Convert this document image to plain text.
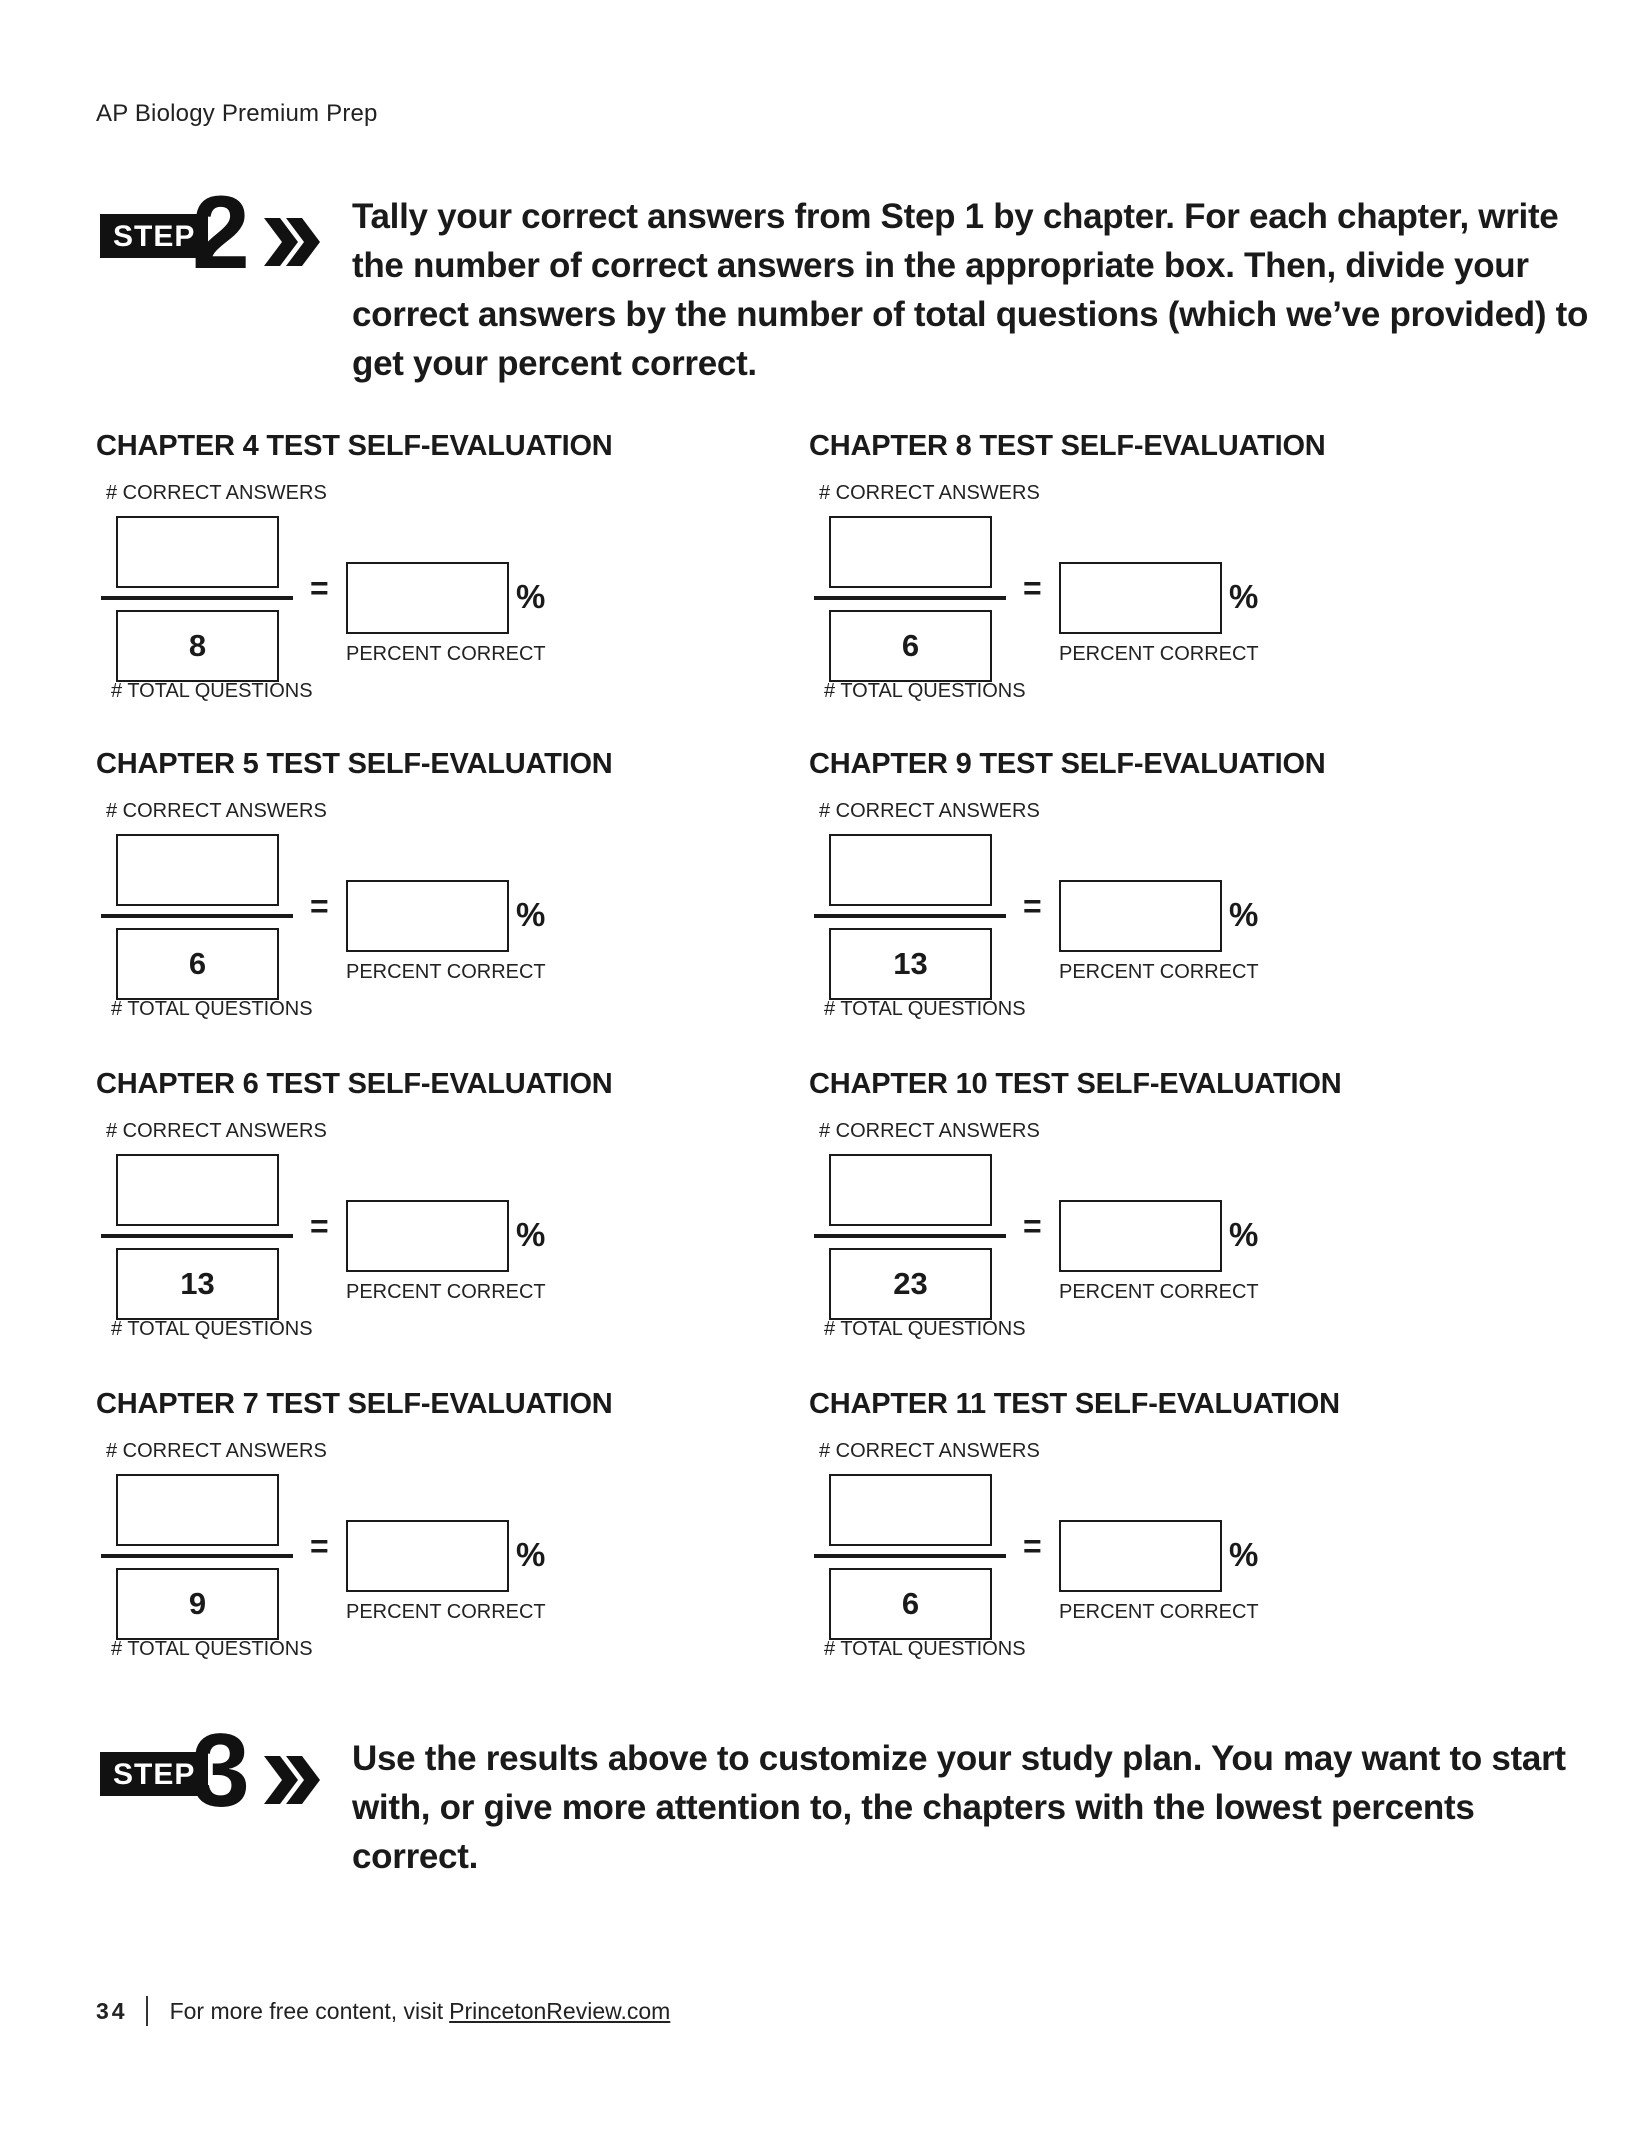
AP Biology Premium Prep
STEP
2	Tally your correct answers from Step 1 by chapter. For each chapter, write the number of correct answers in the appropriate box. Then, divide your correct answers by the number of total questions (which we’ve provided) to get your percent correct.
CHAPTER 4 TEST SELF-EVALUATION
# CORRECT ANSWERS
8
# TOTAL QUESTIONS
=	%
PERCENT CORRECT
CHAPTER 8 TEST SELF-EVALUATION
# CORRECT ANSWERS
6
# TOTAL QUESTIONS
=	%
PERCENT CORRECT
CHAPTER 5 TEST SELF-EVALUATION
# CORRECT ANSWERS
6
# TOTAL QUESTIONS
=	%
PERCENT CORRECT
CHAPTER 9 TEST SELF-EVALUATION
# CORRECT ANSWERS
13
# TOTAL QUESTIONS
=	%
PERCENT CORRECT
CHAPTER 6 TEST SELF-EVALUATION
# CORRECT ANSWERS
13
# TOTAL QUESTIONS
=	%
PERCENT CORRECT
CHAPTER 10 TEST SELF-EVALUATION
# CORRECT ANSWERS
23
# TOTAL QUESTIONS
=	%
PERCENT CORRECT
CHAPTER 7 TEST SELF-EVALUATION
# CORRECT ANSWERS
9
# TOTAL QUESTIONS
=	%
PERCENT CORRECT
CHAPTER 11 TEST SELF-EVALUATION
# CORRECT ANSWERS
6
# TOTAL QUESTIONS
=	%
PERCENT CORRECT
STEP
3	Use the results above to customize your study plan. You may want to start with, or give more attention to, the chapters with the lowest percents correct.
34 For more free content, visit PrincetonReview.com
